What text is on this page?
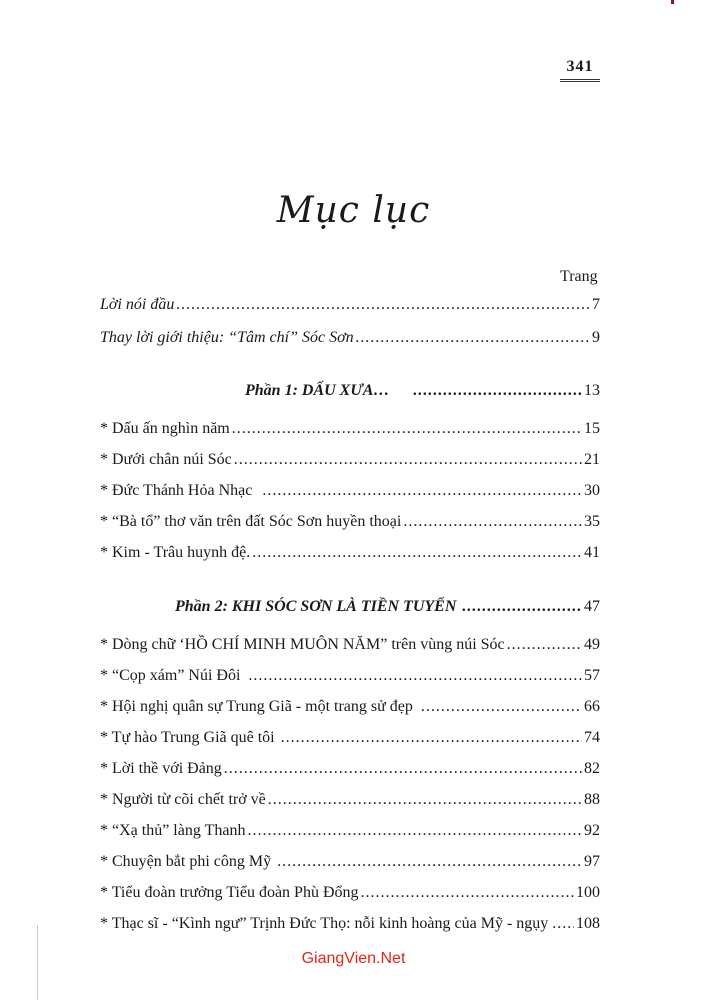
341
Mục lục
Trang
Lời nói đầu .....	7
Thay lời giới thiệu: “Tâm chí” Sóc Sơn .....	9
Phần 1: DẤU XƯA… .....	13
* Dấu ấn nghìn năm .....	15
* Dưới chân núi Sóc .....	21
* Đức Thánh Hỏa Nhạc .....	30
* “Bà tổ” thơ văn trên đất Sóc Sơn huyền thoại .....	35
* Kim - Trâu huynh đệ. .....	41
Phần 2: KHI SÓC SƠN LÀ TIỀN TUYẾN .....	47
* Dòng chữ ‘HỒ CHÍ MINH MUÔN NĂM” trên vùng núi Sóc .....	49
* “Cọp xám” Núi Đôi .....	57
* Hội nghị quân sự Trung Giã - một trang sử đẹp .....	66
* Tự hào Trung Giã quê tôi .....	74
* Lời thề với Đảng .....	82
* Người từ cõi chết trở về .....	88
* “Xạ thủ” làng Thanh .....	92
* Chuyện bắt phi công Mỹ .....	97
* Tiểu đoàn trưởng Tiểu đoàn Phù Đổng .....	100
* Thạc sĩ - “Kình ngư” Trịnh Đức Thọ: nỗi kinh hoàng của Mỹ - ngụy ..... 108
GiangVien.Net
